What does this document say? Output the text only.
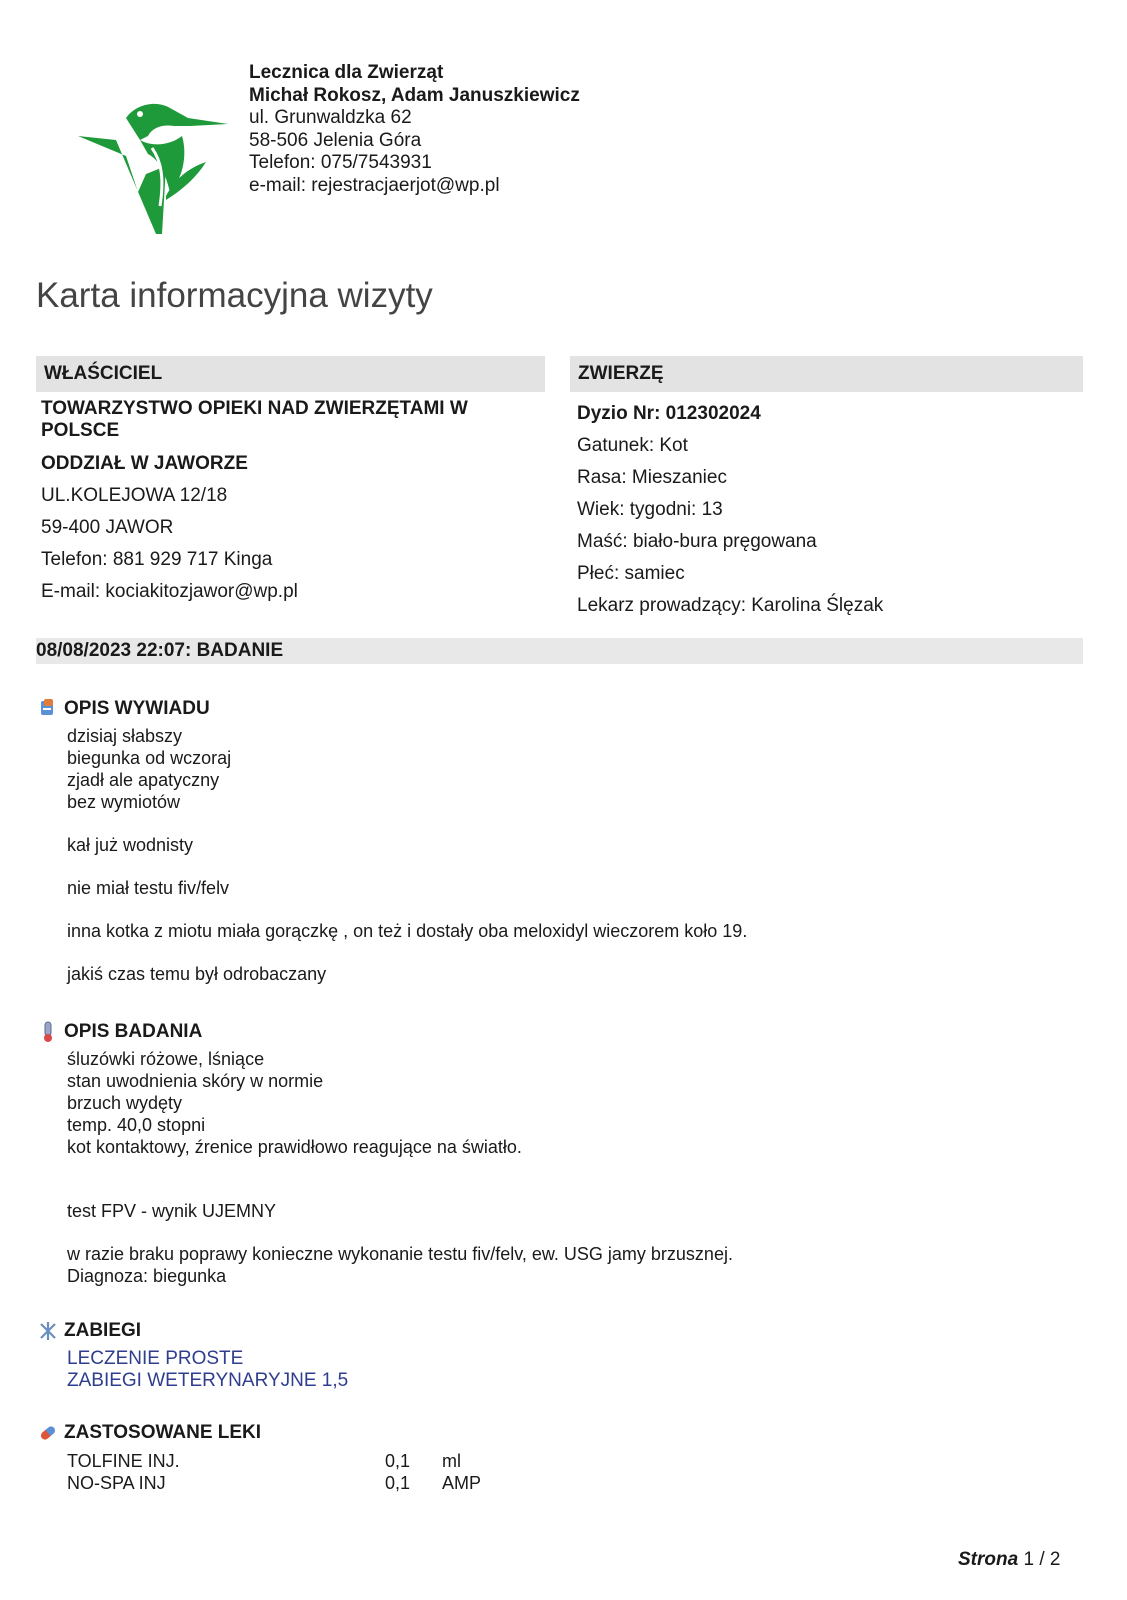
Lecznica dla Zwierząt
Michał Rokosz, Adam Januszkiewicz
ul. Grunwaldzka 62
58-506 Jelenia Góra
Telefon: 075/7543931
e-mail: rejestracjaerjot@wp.pl
Karta informacyjna wizyty
WŁAŚCICIEL
TOWARZYSTWO OPIEKI NAD ZWIERZĘTAMI W POLSCE
ODDZIAŁ W JAWORZE
UL.KOLEJOWA 12/18
59-400 JAWOR
Telefon: 881 929 717 Kinga
E-mail: kociakitozjawor@wp.pl
ZWIERZĘ
Dyzio Nr: 012302024
Gatunek: Kot
Rasa: Mieszaniec
Wiek: tygodni: 13
Maść: biało-bura pręgowana
Płeć: samiec
Lekarz prowadzący: Karolina Ślęzak
08/08/2023 22:07: BADANIE
OPIS WYWIADU
dzisiaj słabszy
biegunka od wczoraj
zjadł ale apatyczny
bez wymiotów
kał już wodnisty
nie miał testu fiv/felv
inna kotka z miotu miała gorączkę , on też i dostały oba meloxidyl wieczorem koło 19.
jakiś czas temu był odrobaczany
OPIS BADANIA
śluzówki różowe, lśniące
stan uwodnienia skóry w normie
brzuch wydęty
temp. 40,0 stopni
kot kontaktowy, źrenice prawidłowo reagujące na światło.
test FPV - wynik UJEMNY
w razie braku poprawy konieczne wykonanie testu fiv/felv, ew. USG jamy brzusznej.
Diagnoza: biegunka
ZABIEGI
LECZENIE PROSTE
ZABIEGI WETERYNARYJNE 1,5
ZASTOSOWANE LEKI
TOLFINE INJ.	0,1	ml
NO-SPA INJ	0,1	AMP
Strona 1 / 2
